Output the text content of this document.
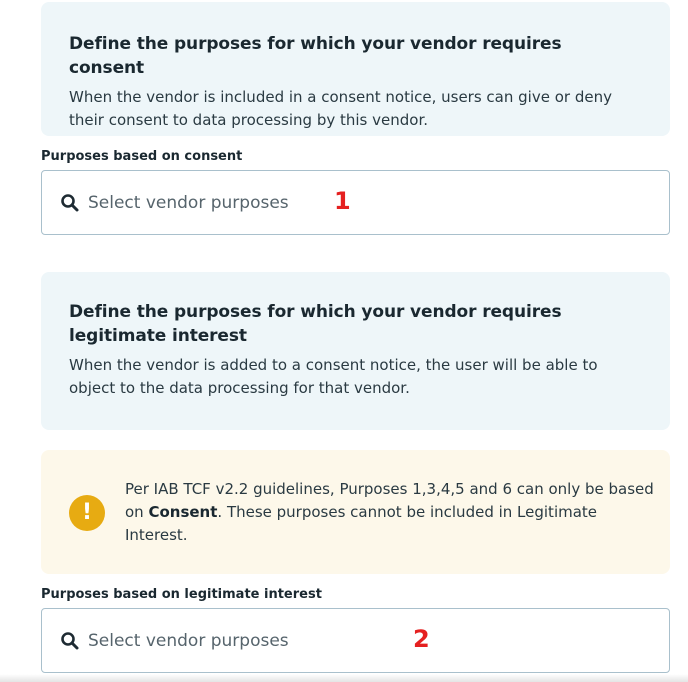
Define the purposes for which your vendor requires consent
When the vendor is included in a consent notice, users can give or deny their consent to data processing by this vendor.
Purposes based on consent
Select vendor purposes 1
Define the purposes for which your vendor requires legitimate interest
When the vendor is added to a consent notice, the user will be able to object to the data processing for that vendor.
!
Per IAB TCF v2.2 guidelines, Purposes 1,3,4,5 and 6 can only be based on Consent. These purposes cannot be included in Legitimate Interest.
Purposes based on legitimate interest
Select vendor purposes	2
